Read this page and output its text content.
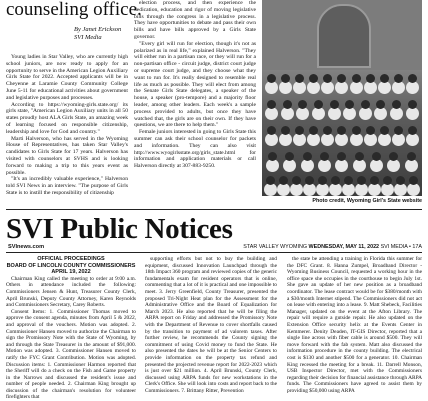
counseling office.
By Janet Erickson
SVI Media

Young ladies in Star Valley, who are currently high school juniors, are now ready to apply for an opportunity to serve in the American Legion Auxiliary Girls State for 2022. Accepted applicants will be in Cheyenne at Laramie County Community College June 5-11 for educational activities about government and legislative purposes and processes.

According to https://wyoming-girls.state.org/ its girls state, "American Legion Auxiliary units in all 50 states proudly host ALA Girls State, an amazing week of learning focused on responsible citizenship, leadership and love for God and country."

Marti Halverson, who has served in the Wyoming House of Representatives, has taken Star Valley's candidates to Girls State for 17 years. Halverson has visited with counselors at SVHS and is looking forward to making a trip to this years event as possible.

"It's an incredibly valuable experience," Halverson told SVI News in an interview. "The purpose of Girls State is to instill the responsibility of citizenship

election process, and then experience the dedication, education and rigor of moving legislative bills through the congress in a legislative process. They have opportunities to debate and pass their own bills and have bills approved by a Girls State governor.

"Every girl will run for election, though it's not as polarized as in real life," explained Halverson. "They will either run in a partisan race, or they will run for a non-partisan office - circuit judge, district court judge or supreme court judge, and they choose what they want to run for. It's really designed to resemble real life as much as possible. They will elect from among the Senate Girls State delegates, a speaker of the house, a speaker (pro-tempore) and a majority floor leader, among other leaders. Each week's a sample process provided to adults, but once they have watched that, the girls are on their own. If they have questions, we are there to help them."

Female juniors interested in going to Girls State this summer can ask their school counselor for packets and information. They can also visit http://www.wyogirlsstate.org/girls_state.html for information and application materials or call Halverson directly at 307-883-9250.

Photo credit, Wyoming Girl's State website
SVI Public Notices
SVInews.com	STAR VALLEY WYOMING WEDNESDAY, MAY 11, 2022 SVI MEDIA • 17A

OFFICIAL PROCEEDINGS

BOARD OF LINCOLN COUNTY COMMISSIONERS

APRIL 19, 2022

Chairman King called the meeting to order at 9:00 a.m. Others in attendance included the following: Commissioners Jensen & Hunt, Treasurer County Clerk, April Brunski, Deputy County Attorney, Karen Reynolds and Commissioners Secretary, Carey Roberts.

Consent Items: 1. Commissioner Thomas moved to approve the consent agenda, minutes from April 5 & 2022, and approval of the vouchers. Motion was adopted. 2. Commissioner Hansen moved to authorize the Chairman to sign the Promissory Note with the State of Wyoming, by and through the State Treasurer in the amount of $91,000. Motion was adopted. 3. Commissioner Hansen moved to ratify the FYC Grant Contribution. Motion was adopted. Discussion items: 1. Commissioner Harmon reported that the Sheriff will do a check on the Fish and Game property in the Narrows and discussed the resident's issue and number of people needed. 2. Chairman King brought up discussion of the chairman's resolution for volunteer firefighters that

supporting efforts but not to buy the building and equipment, discussed Innovation Launchpad through the 18th Impact 360 program and reviewed copies of the generic fundamentals exam for resident operators that is online, commenting that a lot of it is practical and one impossible to meet. 3. Jerry Greenfield, County Treasurer, presented the proposed Tri-Night Heat plan for the Assessment for the Administrative Office and the Board of Equalization for March 2023. He also reported that he will be filing the ARPA report on Friday and addressed the Promissory Note with the Department of Revenue to cover shortfalls caused by the transition to payment of ad valorem taxes. After further review, he recommends the County signing the commitment of using Covid money to fund the State. He also presented the dates he will be at the Senior Centers to provide information on the property tax refund and presented the projected revenue report for 2022-2023 which is just over $21 million. 4. April Brunski, County Clerk, discussed using ARPA funds for new workstations in the Clerk's Office. She will look into costs and report back to the Commissioners. 7. Brittany Ritter, Prevention

the state be attending a training in Florida this summer for the DFC Grant. 8. Hanna Zumpel, Broadband Director - Wyoming Business Council, requested a working hour in the office space she occupies in the courthouse to begin July 1st. She gave an update of her new position as a broadband coordinator. The lease contract would be for $380/month with a $30/month Internet stipend. The Commissioners did not act on lease with entering into a lease. 9. Matt Shebeck, Facilities Manager, updated on the event at the Afton Library. The repair will require a gutside repair. He also updated on the Extension Office security helix at the Events Center in Kemmerer. Denity Deaden, IT-GIS Director, reported that a single line across with fiber cable is around $500. They will move forward with the fab system. Matt also discussed the information procedure in the county building. The electrical cost is $130 and another $500 for a generator. 10. Chairman King recessed the meeting for a break. 11. Darrell Monson, USB Inspector Director, met with the Commissioners regarding their decision for financial assistance through ARPA funds. The Commissioners have agreed to assist them by providing $50,000 using ARPA
